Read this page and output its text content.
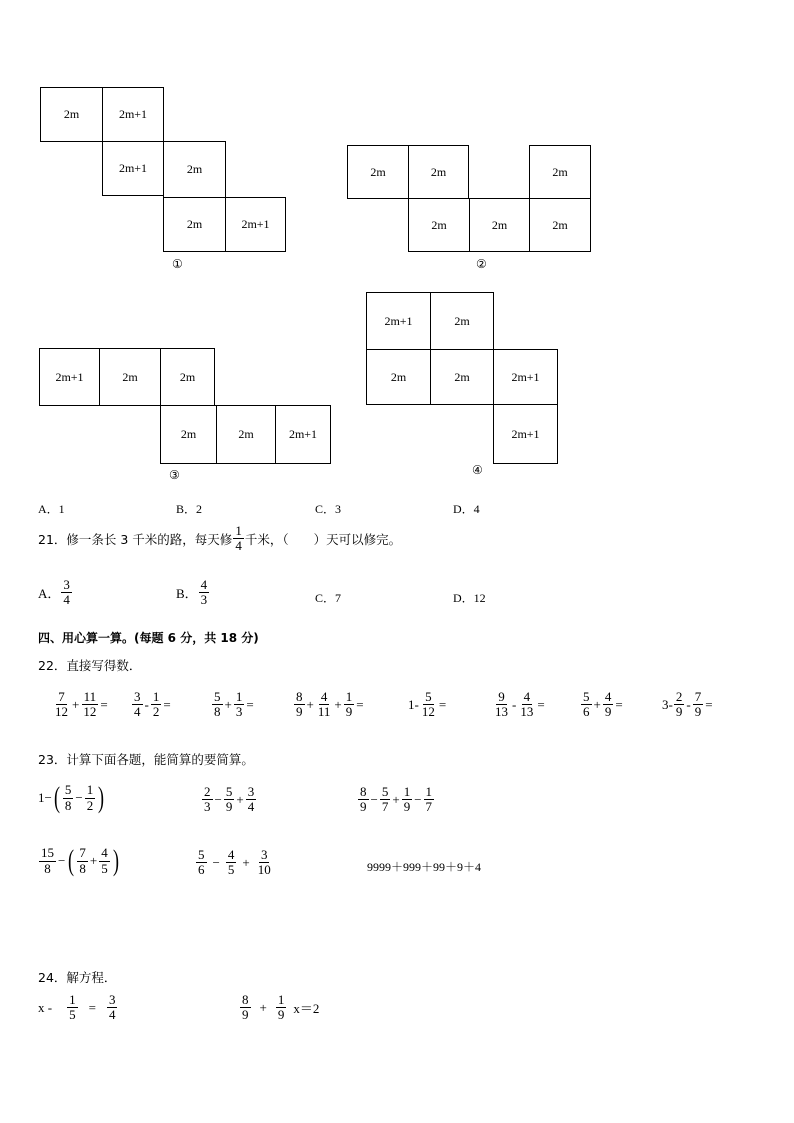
2m	2m+1
2m+1	2m
2m	2m+1
①
2m	2m	2m
2m	2m	2m
②
2m+1	2m	2m
2m	2m	2m+1
③
2m+1	2m
2m	2m	2m+1
2m+1
④
A．1	B．2	C．3	D．4
21．修一条长 3 千米的路，每天修 $\frac{1}{4}$ 千米，（　　）天可以修完。
A． $\frac{3}{4}$	B． $\frac{4}{3}$	C．7	D．12
四、用心算一算。(每题 6 分，共 18 分)
22．直接写得数．
$\frac{7}{12} + \frac{11}{12} = \frac{3}{4} - \frac{1}{2}$ =	$\frac{5}{8} + \frac{1}{3}$ =	$\frac{8}{9} + \frac{4}{11} + \frac{1}{9}$ =	$1- \frac{5}{12}$ =	$\frac{9}{13} - \frac{4}{13}$ =	$\frac{5}{6} + \frac{4}{9}$ =	$3- \frac{2}{9} - \frac{7}{9}$ =
23．计算下面各题，能简算的要简算。
1− ( $\frac{5}{8} - \frac{1}{2}$ )	$\frac{2}{3} - \frac{5}{9} + \frac{3}{4}$	$\frac{8}{9} - \frac{5}{7} + \frac{1}{9} - \frac{1}{7}$
$\frac{15}{8}$ − ( $\frac{7}{8} + \frac{4}{5}$ )	$\frac{5}{6} - \frac{4}{5} + \frac{3}{10}$	9999＋999＋99＋9＋4
24．解方程．
x -	$\frac{1}{5} = \frac{3}{4}$	$\frac{8}{9} + \frac{1}{9} x=2$
